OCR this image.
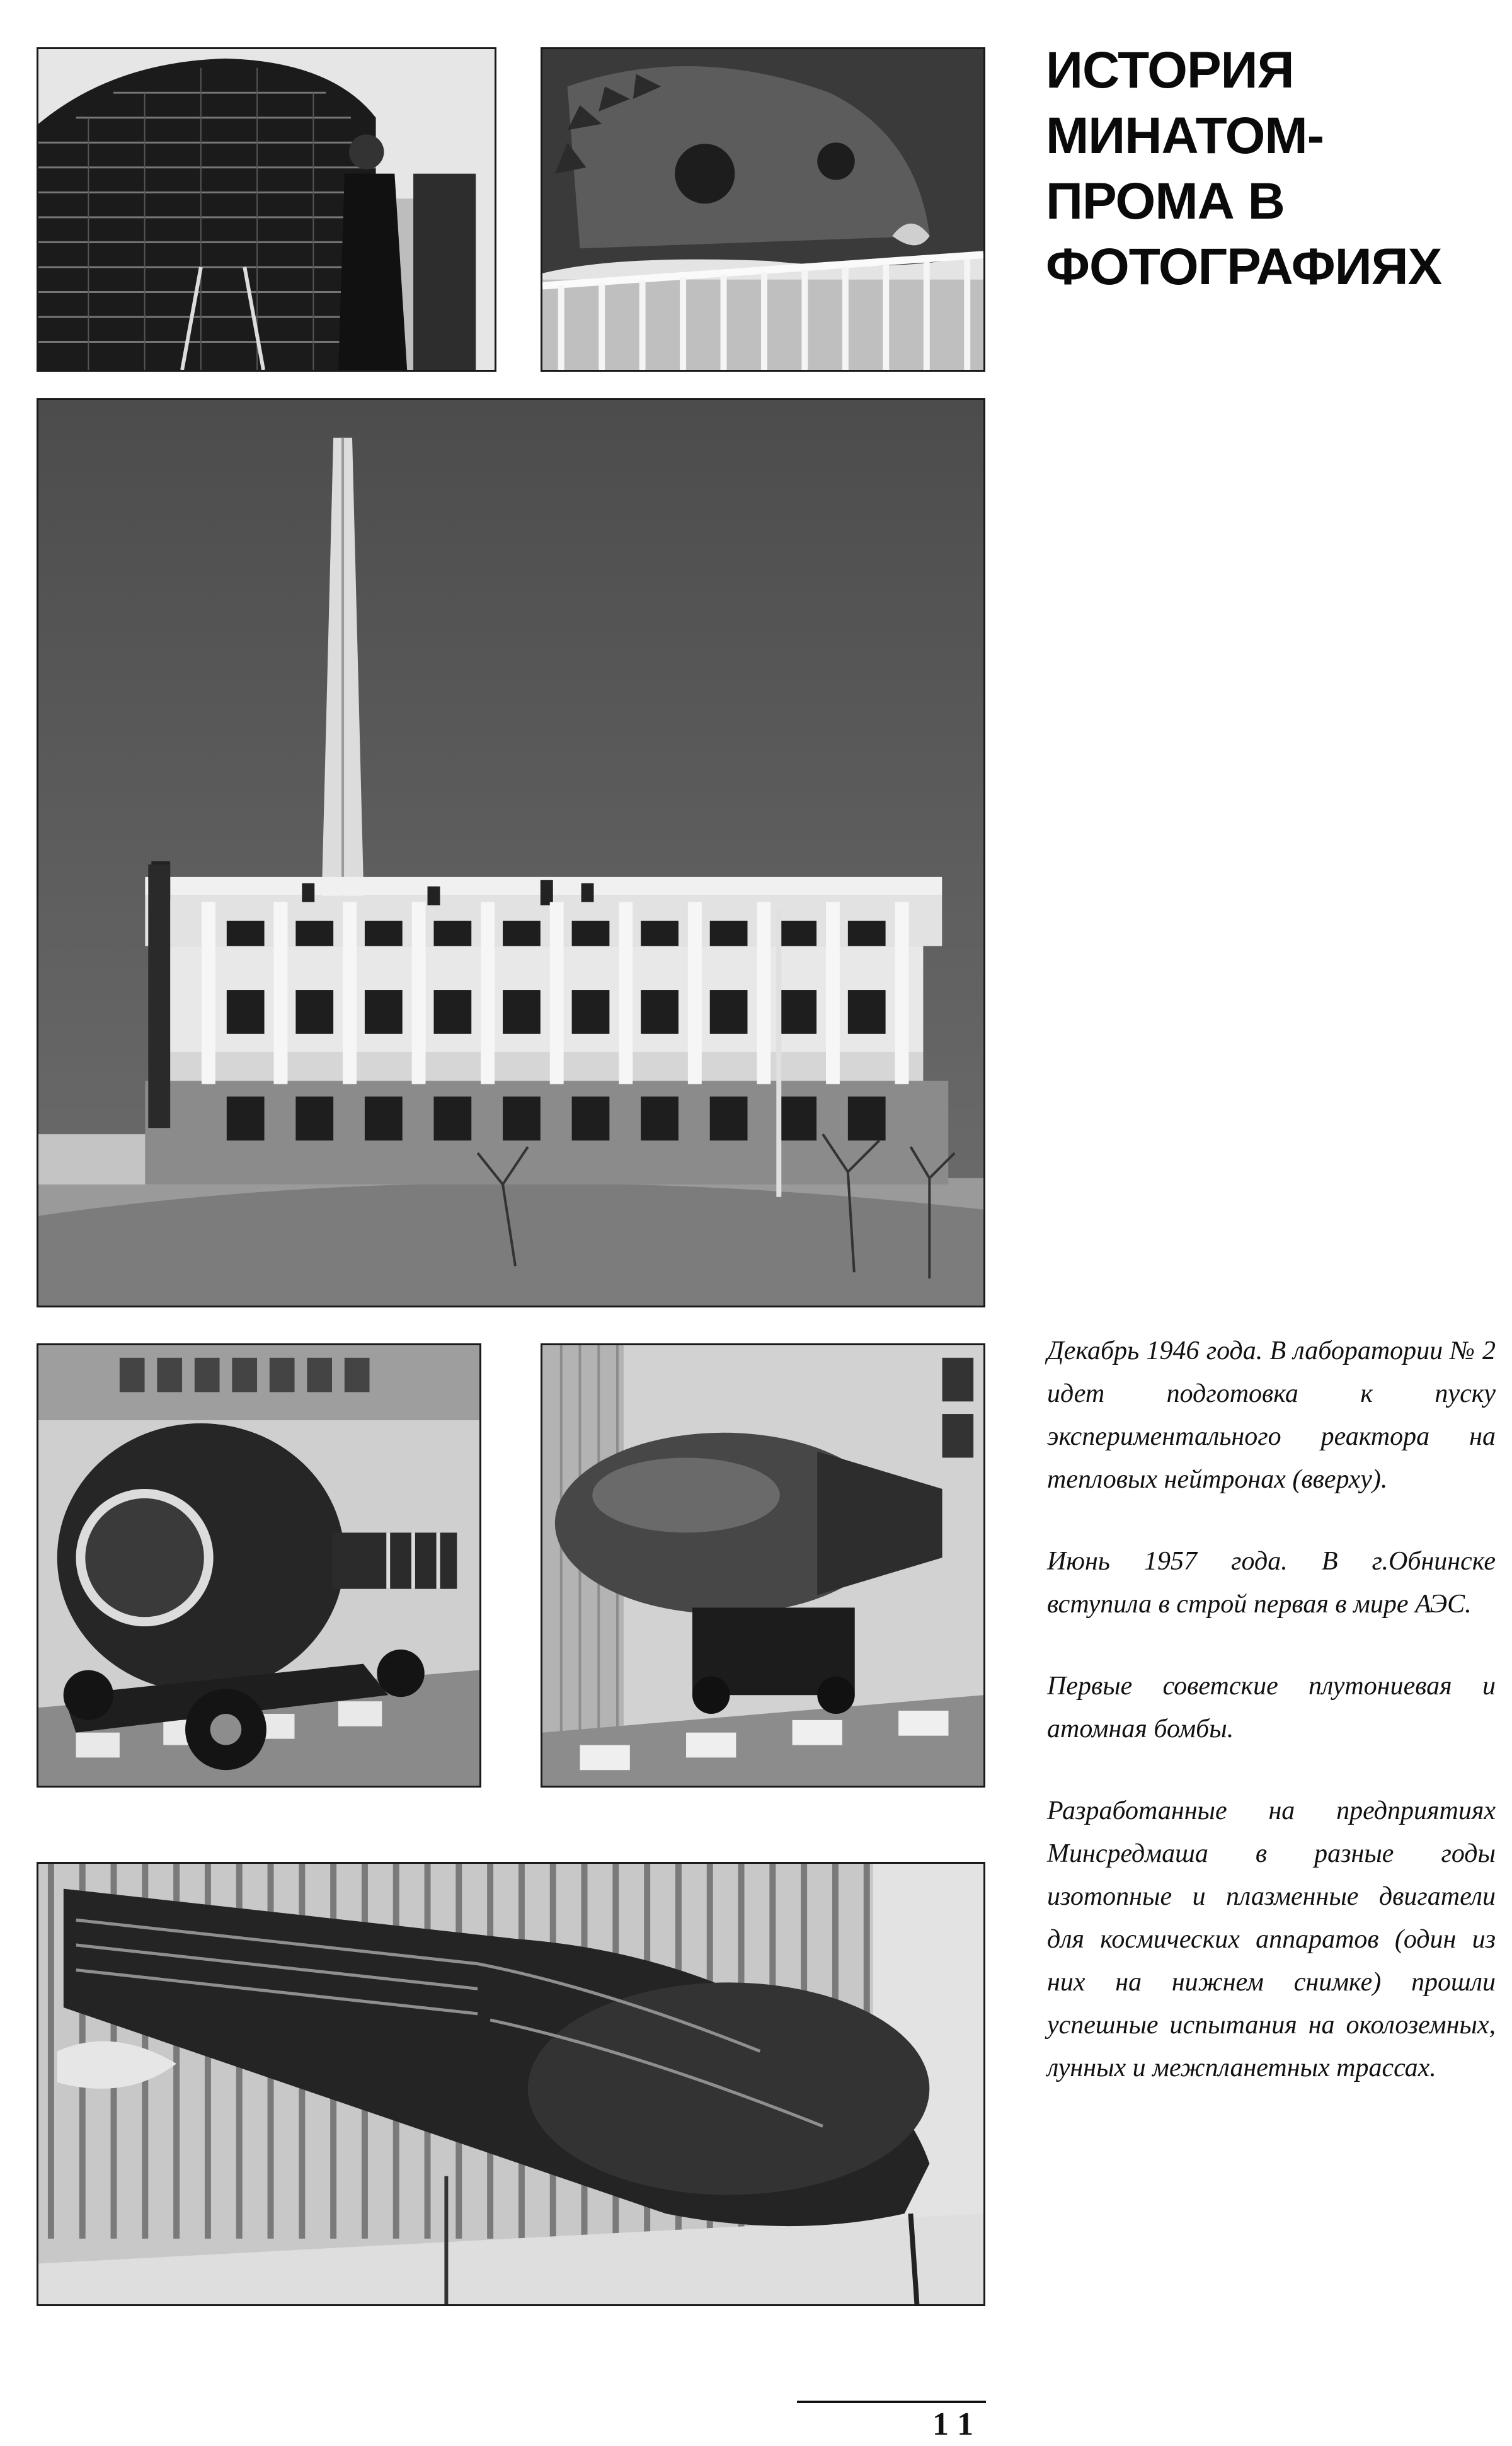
ИСТОРИЯ
МИНАТОМ-
ПРОМА В
ФОТОГРАФИЯХ

Декабрь 1946 года. В лаборатории № 2 идет подготовка к пуску экспериментального реактора на тепловых нейтронах (вверху).

Июнь 1957 года. В г.Обнинске вступила в строй первая в мире АЭС.

Первые советские плутониевая и атомная бомбы.

Разработанные на предприятиях Минсредмаша в разные годы изотопные и плазменные двигатели для космических аппаратов (один из них на нижнем снимке) прошли успешные испытания на околоземных, лунных и межпланетных трассах.

11
